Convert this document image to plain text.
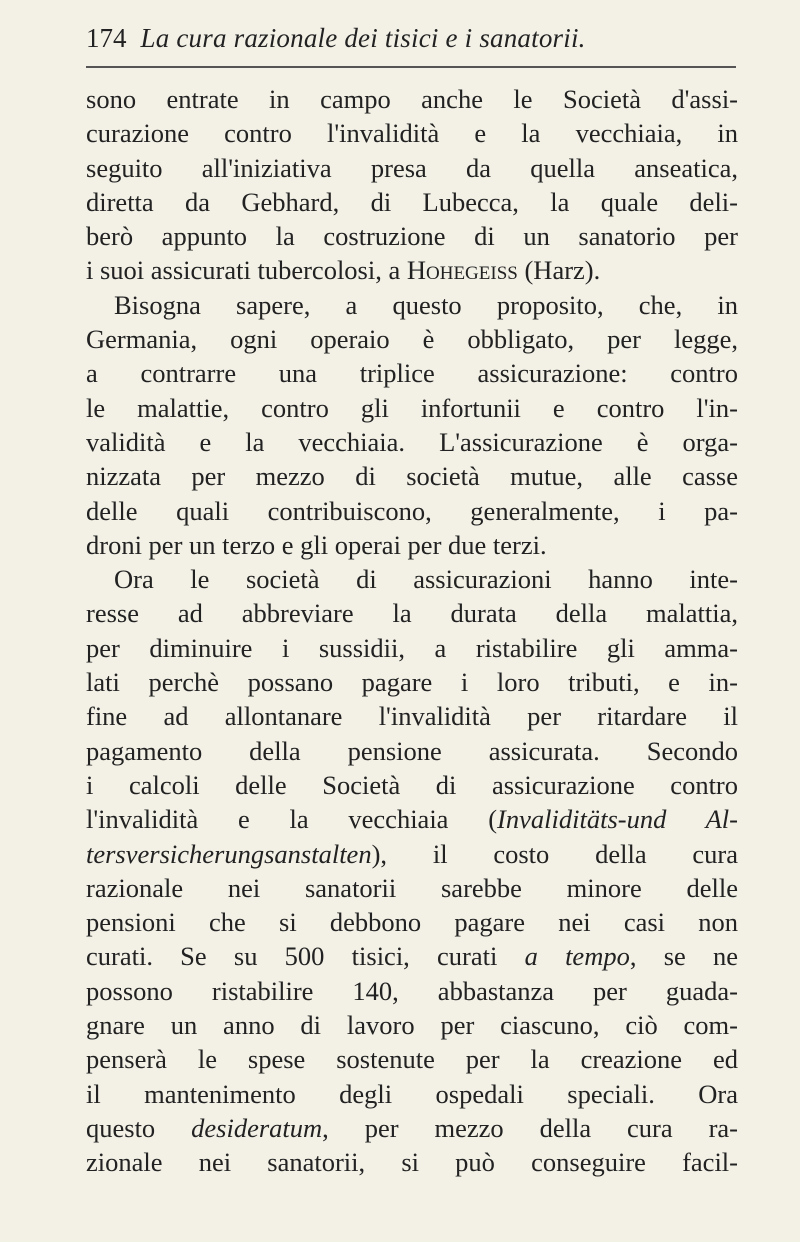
174 La cura razionale dei tisici e i sanatorii.
sono entrate in campo anche le Società d'assi-
curazione contro l'invalidità e la vecchiaia, in
seguito all'iniziativa presa da quella anseatica,
diretta da Gebhard, di Lubecca, la quale deli-
berò appunto la costruzione di un sanatorio per
i suoi assicurati tubercolosi, a Hohegeiß (Harz).
Bisogna sapere, a questo proposito, che, in
Germania, ogni operaio è obbligato, per legge,
a contrarre una triplice assicurazione: contro
le malattie, contro gli infortunii e contro l'in-
validità e la vecchiaia. L'assicurazione è orga-
nizzata per mezzo di società mutue, alle casse
delle quali contribuiscono, generalmente, i pa-
droni per un terzo e gli operai per due terzi.
Ora le società di assicurazioni hanno inte-
resse ad abbreviare la durata della malattia,
per diminuire i sussidii, a ristabilire gli amma-
lati perchè possano pagare i loro tributi, e in-
fine ad allontanare l'invalidità per ritardare il
pagamento della pensione assicurata. Secondo
i calcoli delle Società di assicurazione contro
l'invalidità e la vecchiaia (Invaliditäts-und Al-
tersversicherungsanstalten), il costo della cura
razionale nei sanatorii sarebbe minore delle
pensioni che si debbono pagare nei casi non
curati. Se su 500 tisici, curati a tempo, se ne
possono ristabilire 140, abbastanza per guada-
gnare un anno di lavoro per ciascuno, ciò com-
penserà le spese sostenute per la creazione ed
il mantenimento degli ospedali speciali. Ora
questo desideratum, per mezzo della cura ra-
zionale nei sanatorii, si può conseguire facil-
